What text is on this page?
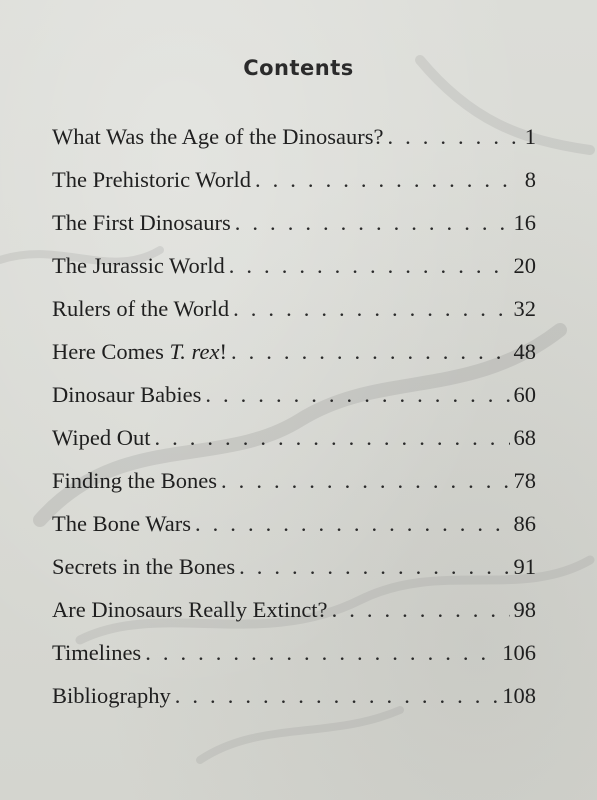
Contents
What Was the Age of the Dinosaurs? . . .	1
The Prehistoric World . . .	8
The First Dinosaurs . . .	16
The Jurassic World . . .	20
Rulers of the World . . .	32
Here Comes T. rex! . . .	48
Dinosaur Babies . . .	60
Wiped Out . . .	68
Finding the Bones . . .	78
The Bone Wars . . .	86
Secrets in the Bones . . .	91
Are Dinosaurs Really Extinct? . . .	98
Timelines . . .	106
Bibliography . . .	108
